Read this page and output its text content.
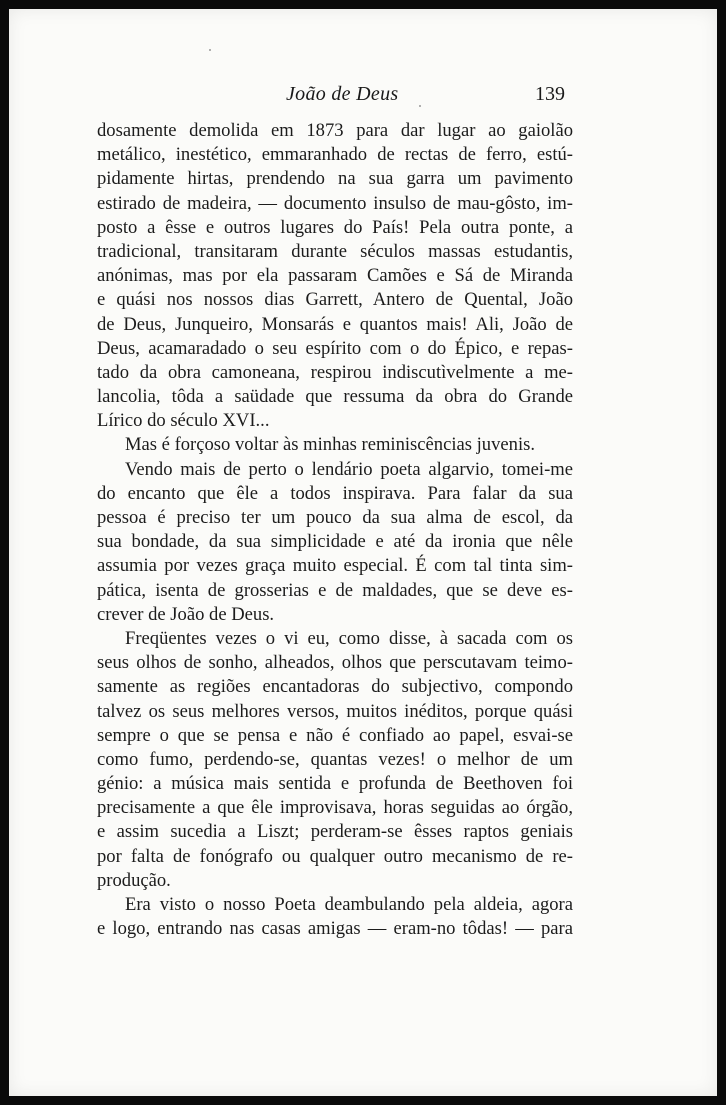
João de Deus	139
dosamente demolida em 1873 para dar lugar ao gaiolão
metálico, inestético, emmaranhado de rectas de ferro, estú-
pidamente hirtas, prendendo na sua garra um pavimento
estirado de madeira, — documento insulso de mau-gôsto, im-
posto a êsse e outros lugares do País! Pela outra ponte, a
tradicional, transitaram durante séculos massas estudantis,
anónimas, mas por ela passaram Camões e Sá de Miranda
e quási nos nossos dias Garrett, Antero de Quental, João
de Deus, Junqueiro, Monsarás e quantos mais! Ali, João de
Deus, acamaradado o seu espírito com o do Épico, e repas-
tado da obra camoneana, respirou indiscutìvelmente a me-
lancolia, tôda a saüdade que ressuma da obra do Grande
Lírico do século XVI...
Mas é forçoso voltar às minhas reminiscências juvenis.
Vendo mais de perto o lendário poeta algarvio, tomei-me
do encanto que êle a todos inspirava. Para falar da sua
pessoa é preciso ter um pouco da sua alma de escol, da
sua bondade, da sua simplicidade e até da ironia que nêle
assumia por vezes graça muito especial. É com tal tinta sim-
pática, isenta de grosserias e de maldades, que se deve es-
crever de João de Deus.
Freqüentes vezes o vi eu, como disse, à sacada com os
seus olhos de sonho, alheados, olhos que perscutavam teimo-
samente as regiões encantadoras do subjectivo, compondo
talvez os seus melhores versos, muitos inéditos, porque quási
sempre o que se pensa e não é confiado ao papel, esvai-se
como fumo, perdendo-se, quantas vezes! o melhor de um
génio: a música mais sentida e profunda de Beethoven foi
precisamente a que êle improvisava, horas seguidas ao órgão,
e assim sucedia a Liszt; perderam-se êsses raptos geniais
por falta de fonógrafo ou qualquer outro mecanismo de re-
produção.
Era visto o nosso Poeta deambulando pela aldeia, agora
e logo, entrando nas casas amigas — eram-no tôdas! — para
